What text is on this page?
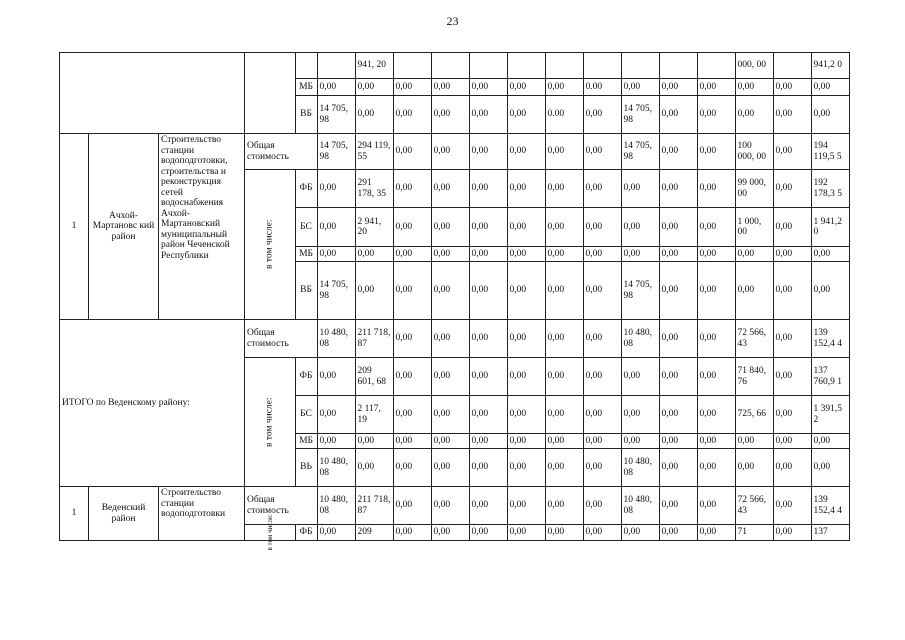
23
						941, 20										000, 00		941,2 0
				МБ	0,00	0,00	0,00	0,00	0,00	0,00	0,00	0.00	0,00	0,00	0,00	0,00	0,00	0,00
				ВБ	14 705, 98	0,00	0,00	0,00	0,00	0,00	0.00	0,00	14 705, 98	0,00	0,00	0,00	0,00	0,00
1	Ачхой-Мартановс кий район	Строительство станции водоподготовки, строительства и реконструкция сетей водоснабжения Ачхой-Мартановский муниципальный район Чеченской Республики	Общая стоимость		14 705, 98	294 119, 55	0,00	0,00	0,00	0,00	0,00	0,00	14 705, 98	0,00	0,00	100 000, 00	0,00	194 119,5 5
			в том числе:	ФБ	0,00	291 178, 35	0,00	0,00	0,00	0,00	0,00	0,00	0,00	0,00	0,00	99 000, 00	0,00	192 178,3 5
				БС	0,00	2 941, 20	0,00	0,00	0,00	0,00	0,00	0,00	0,00	0,00	0,00	1 000, 00	0,00	1 941,2 0
				МБ	0,00	0,00	0,00	0,00	0,00	0,00	0,00	0,00	0,00	0,00	0,00	0,00	0,00	0,00
				ВБ	14 705, 98	0,00	0,00	0,00	0,00	0,00	0,00	0,00	14 705, 98	0,00	0,00	0,00	0,00	0,00
ИТОГО по Веденскому району:			Общая стоимость		10 480, 08	211 718, 87	0,00	0,00	0,00	0,00	0,00	0,00	10 480, 08	0,00	0,00	72 566, 43	0,00	139 152,4 4
			в том числе:	ФБ	0,00	209 601, 68	0,00	0,00	0,00	0,00	0,00	0,00	0,00	0,00	0,00	71 840, 76	0,00	137 760,9 1
				БС	0,00	2 117, 19	0,00	0,00	0,00	0,00	0,00	0,00	0,00	0,00	0,00	725, 66	0,00	1 391,5 2
				МБ	0,00	0,00	0,00	0,00	0,00	0,00	0,00	0,00	0,00	0,00	0,00	0,00	0,00	0,00
				ВЬ	10 480, 08	0,00	0,00	0,00	0,00	0,00	0,00	0,00	10 480, 08	0,00	0,00	0,00	0,00	0,00
1	Веденский район	Строительство станции водоподготовки	Общая стоимость		10 480, 08	211 718, 87	0,00	0,00	0,00	0,00	0,00	0,00	10 480, 08	0,00	0,00	72 566, 43	0,00	139 152,4 4
			в том числе:	ФБ	0,00	209	0,00	0,00	0,00	0,00	0,00	0,00	0,00	0,00	0,00	71	0,00	137
